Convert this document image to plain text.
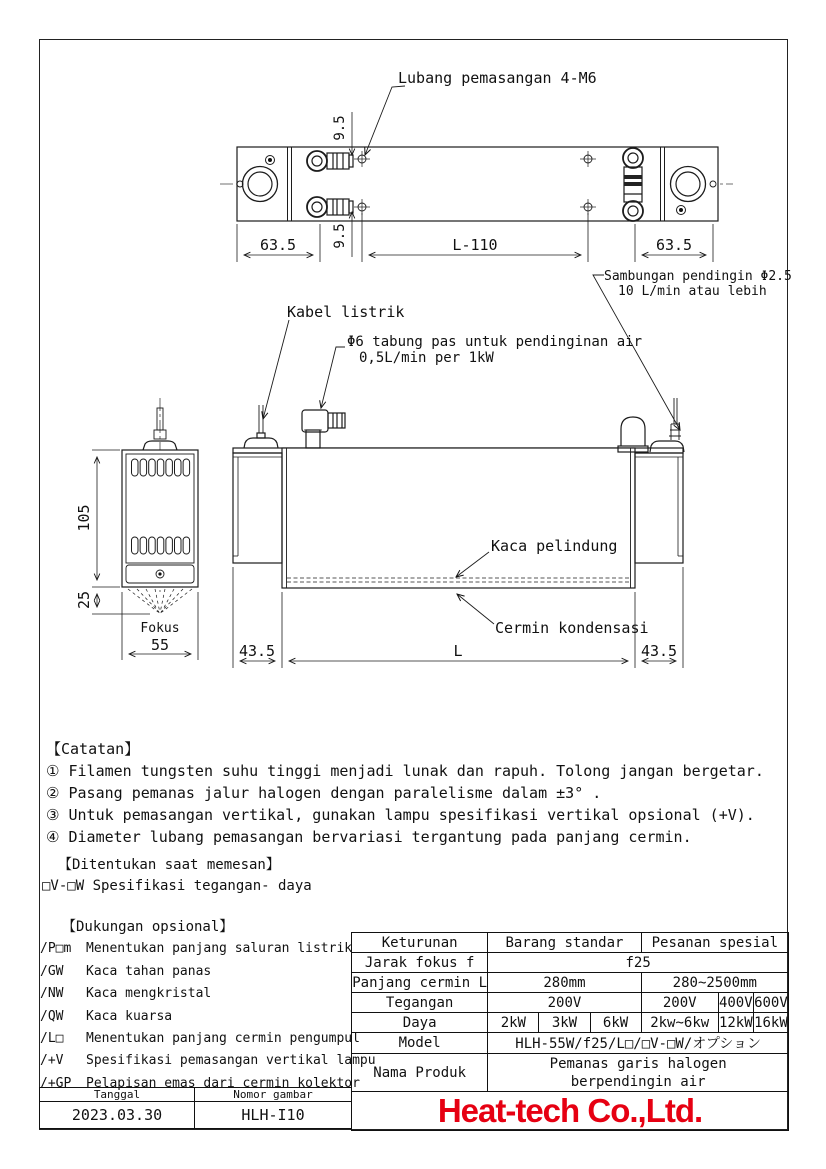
Lubang pemasangan 4-M6
9.5
9.5
63.5	L-110	63.5
Sambungan pendingin Φ2.5
10 L/min atau lebih
Kabel listrik
Φ6 tabung pas untuk pendinginan air
0,5L/min per 1kW
Kaca pelindung
Cermin kondensasi
Fokus
105
25
55	43.5	L	43.5
【Catatan】
① Filamen tungsten suhu tinggi menjadi lunak dan rapuh. Tolong jangan bergetar.
② Pasang pemanas jalur halogen dengan paralelisme dalam ±3° .
③ Untuk pemasangan vertikal, gunakan lampu spesifikasi vertikal opsional (+V).
④ Diameter lubang pemasangan bervariasi tergantung pada panjang cermin.
【Ditentukan saat memesan】
□V-□W Spesifikasi tegangan- daya
【Dukungan opsional】
/P□m	Menentukan panjang saluran listrik
/GW	Kaca tahan panas
/NW	Kaca mengkristal
/QW	Kaca kuarsa
/L□	Menentukan panjang cermin pengumpul
/+V	Spesifikasi pemasangan vertikal lampu
/+GP	Pelapisan emas dari cermin kolektor
Keturunan	Barang standar			Pesanan spesial		
Jarak fokus f	f25					
Panjang cermin L	280mm			280~2500mm		
Tegangan	200V			200V	400V	600V
Daya	2kW	3kW	6kW	2kw~6kw	12kW	16kW
Model	HLH-55W/f25/L□/□V-□W/オプション					
Nama Produk	Pemanas garis halogen
berpendingin air					

Heat-tech Co.,Ltd.						
Tanggal	Nomor gambar
2023.03.30	HLH-I10
